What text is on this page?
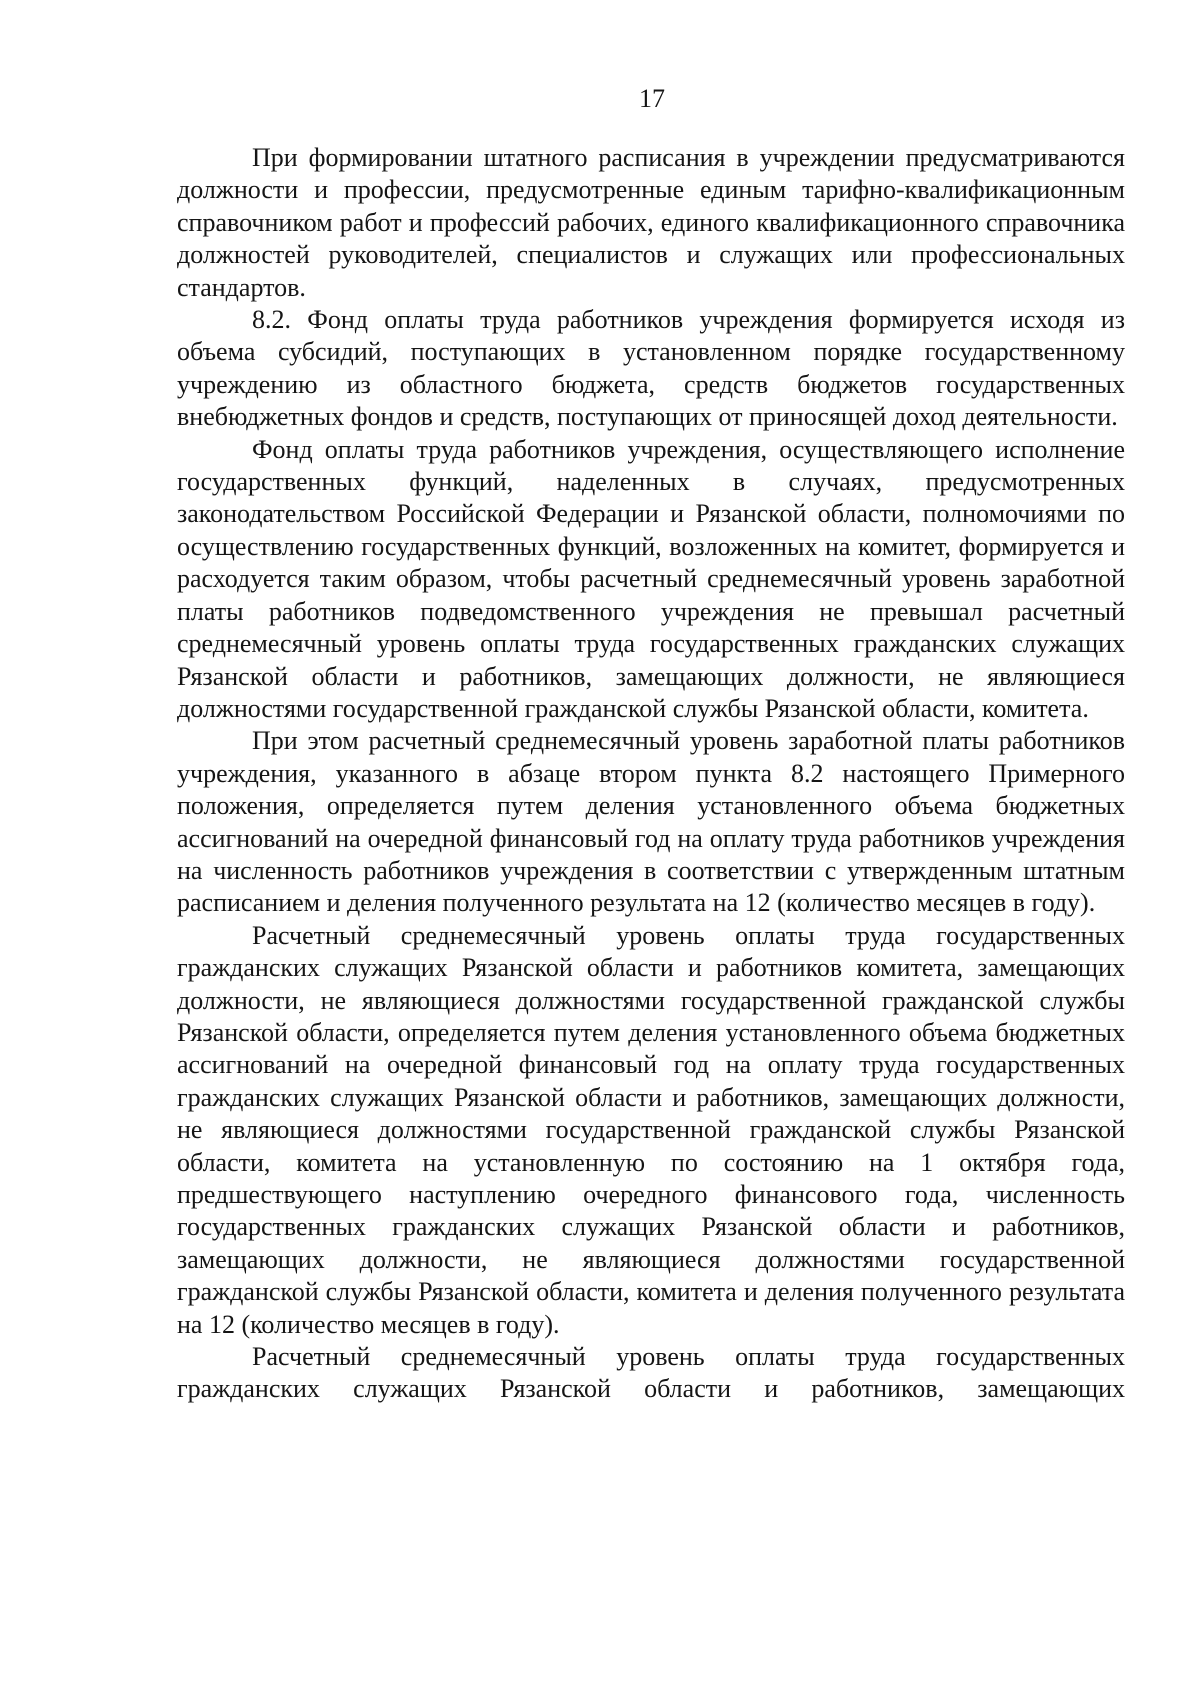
17

При формировании штатного расписания в учреждении предусматриваются должности и профессии, предусмотренные единым тарифно-квалификационным справочником работ и профессий рабочих, единого квалификационного справочника должностей руководителей, специалистов и служащих или профессиональных стандартов.

8.2. Фонд оплаты труда работников учреждения формируется исходя из объема субсидий, поступающих в установленном порядке государственному учреждению из областного бюджета, средств бюджетов государственных внебюджетных фондов и средств, поступающих от приносящей доход деятельности.

Фонд оплаты труда работников учреждения, осуществляющего исполнение государственных функций, наделенных в случаях, предусмотренных законодательством Российской Федерации и Рязанской области, полномочиями по осуществлению государственных функций, возложенных на комитет, формируется и расходуется таким образом, чтобы расчетный среднемесячный уровень заработной платы работников подведомственного учреждения не превышал расчетный среднемесячный уровень оплаты труда государственных гражданских служащих Рязанской области и работников, замещающих должности, не являющиеся должностями государственной гражданской службы Рязанской области, комитета.

При этом расчетный среднемесячный уровень заработной платы работников учреждения, указанного в абзаце втором пункта 8.2 настоящего Примерного положения, определяется путем деления установленного объема бюджетных ассигнований на очередной финансовый год на оплату труда работников учреждения на численность работников учреждения в соответствии с утвержденным штатным расписанием и деления полученного результата на 12 (количество месяцев в году).

Расчетный среднемесячный уровень оплаты труда государственных гражданских служащих Рязанской области и работников комитета, замещающих должности, не являющиеся должностями государственной гражданской службы Рязанской области, определяется путем деления установленного объема бюджетных ассигнований на очередной финансовый год на оплату труда государственных гражданских служащих Рязанской области и работников, замещающих должности, не являющиеся должностями государственной гражданской службы Рязанской области, комитета на установленную по состоянию на 1 октября года, предшествующего наступлению очередного финансового года, численность государственных гражданских служащих Рязанской области и работников, замещающих должности, не являющиеся должностями государственной гражданской службы Рязанской области, комитета и деления полученного результата на 12 (количество месяцев в году).

Расчетный среднемесячный уровень оплаты труда государственных гражданских служащих Рязанской области и работников, замещающих
